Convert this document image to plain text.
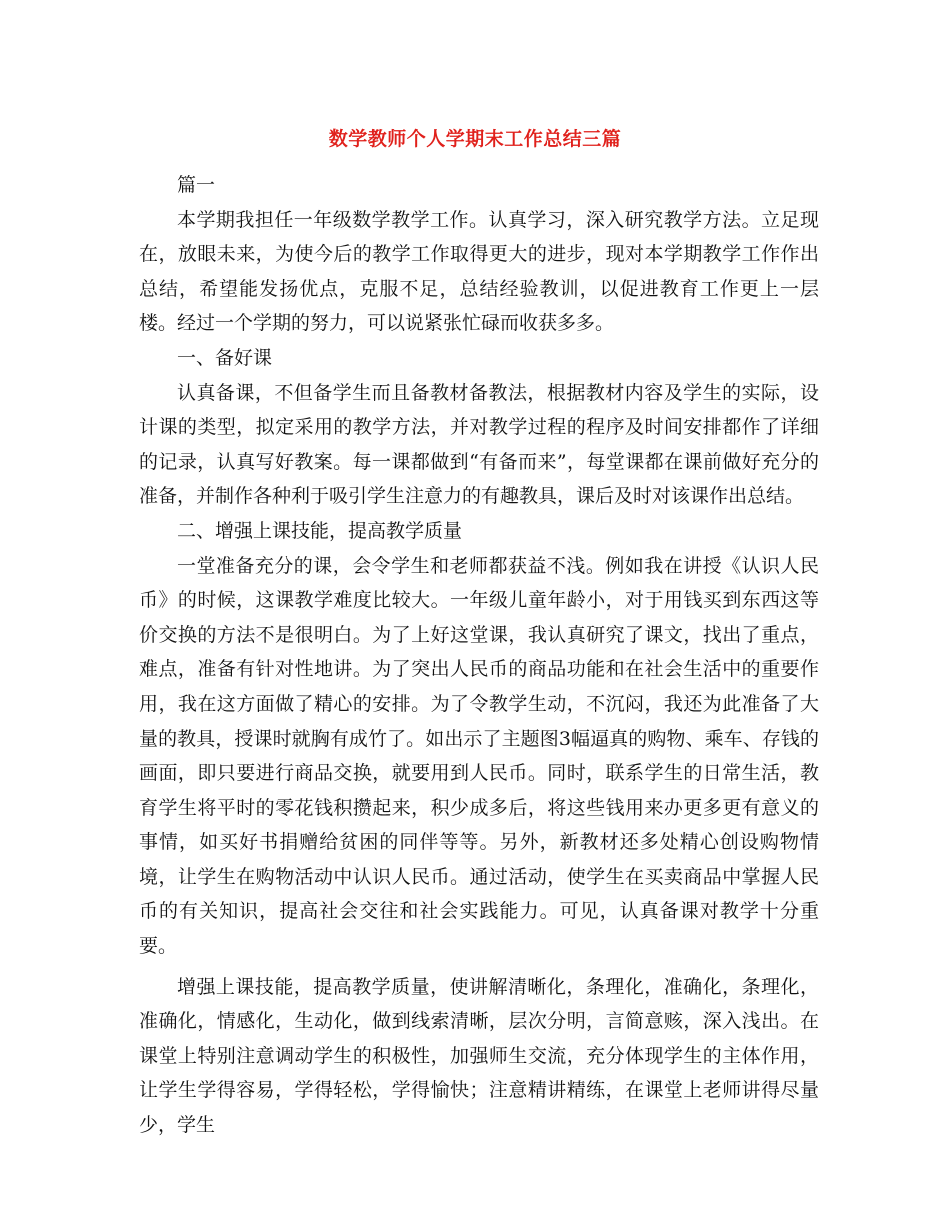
数学教师个人学期末工作总结三篇

篇一

本学期我担任一年级数学教学工作。认真学习，深入研究教学方法。立足现在，放眼未来，为使今后的教学工作取得更大的进步，现对本学期教学工作作出总结，希望能发扬优点，克服不足，总结经验教训，以促进教育工作更上一层楼。经过一个学期的努力，可以说紧张忙碌而收获多多。

一、备好课

认真备课，不但备学生而且备教材备教法，根据教材内容及学生的实际，设计课的类型，拟定采用的教学方法，并对教学过程的程序及时间安排都作了详细的记录，认真写好教案。每一课都做到“有备而来”，每堂课都在课前做好充分的准备，并制作各种利于吸引学生注意力的有趣教具，课后及时对该课作出总结。

二、增强上课技能，提高教学质量

一堂准备充分的课，会令学生和老师都获益不浅。例如我在讲授《认识人民币》的时候，这课教学难度比较大。一年级儿童年龄小，对于用钱买到东西这等价交换的方法不是很明白。为了上好这堂课，我认真研究了课文，找出了重点，难点，准备有针对性地讲。为了突出人民币的商品功能和在社会生活中的重要作用，我在这方面做了精心的安排。为了令教学生动，不沉闷，我还为此准备了大量的教具，授课时就胸有成竹了。如出示了主题图3幅逼真的购物、乘车、存钱的画面，即只要进行商品交换，就要用到人民币。同时，联系学生的日常生活，教育学生将平时的零花钱积攒起来，积少成多后，将这些钱用来办更多更有意义的事情，如买好书捐赠给贫困的同伴等等。另外，新教材还多处精心创设购物情境，让学生在购物活动中认识人民币。通过活动，使学生在买卖商品中掌握人民币的有关知识，提高社会交往和社会实践能力。可见，认真备课对教学十分重要。

增强上课技能，提高教学质量，使讲解清晰化，条理化，准确化，条理化，准确化，情感化，生动化，做到线索清晰，层次分明，言简意赅，深入浅出。在课堂上特别注意调动学生的积极性，加强师生交流，充分体现学生的主体作用，让学生学得容易，学得轻松，学得愉快；注意精讲精练，在课堂上老师讲得尽量少，学生
